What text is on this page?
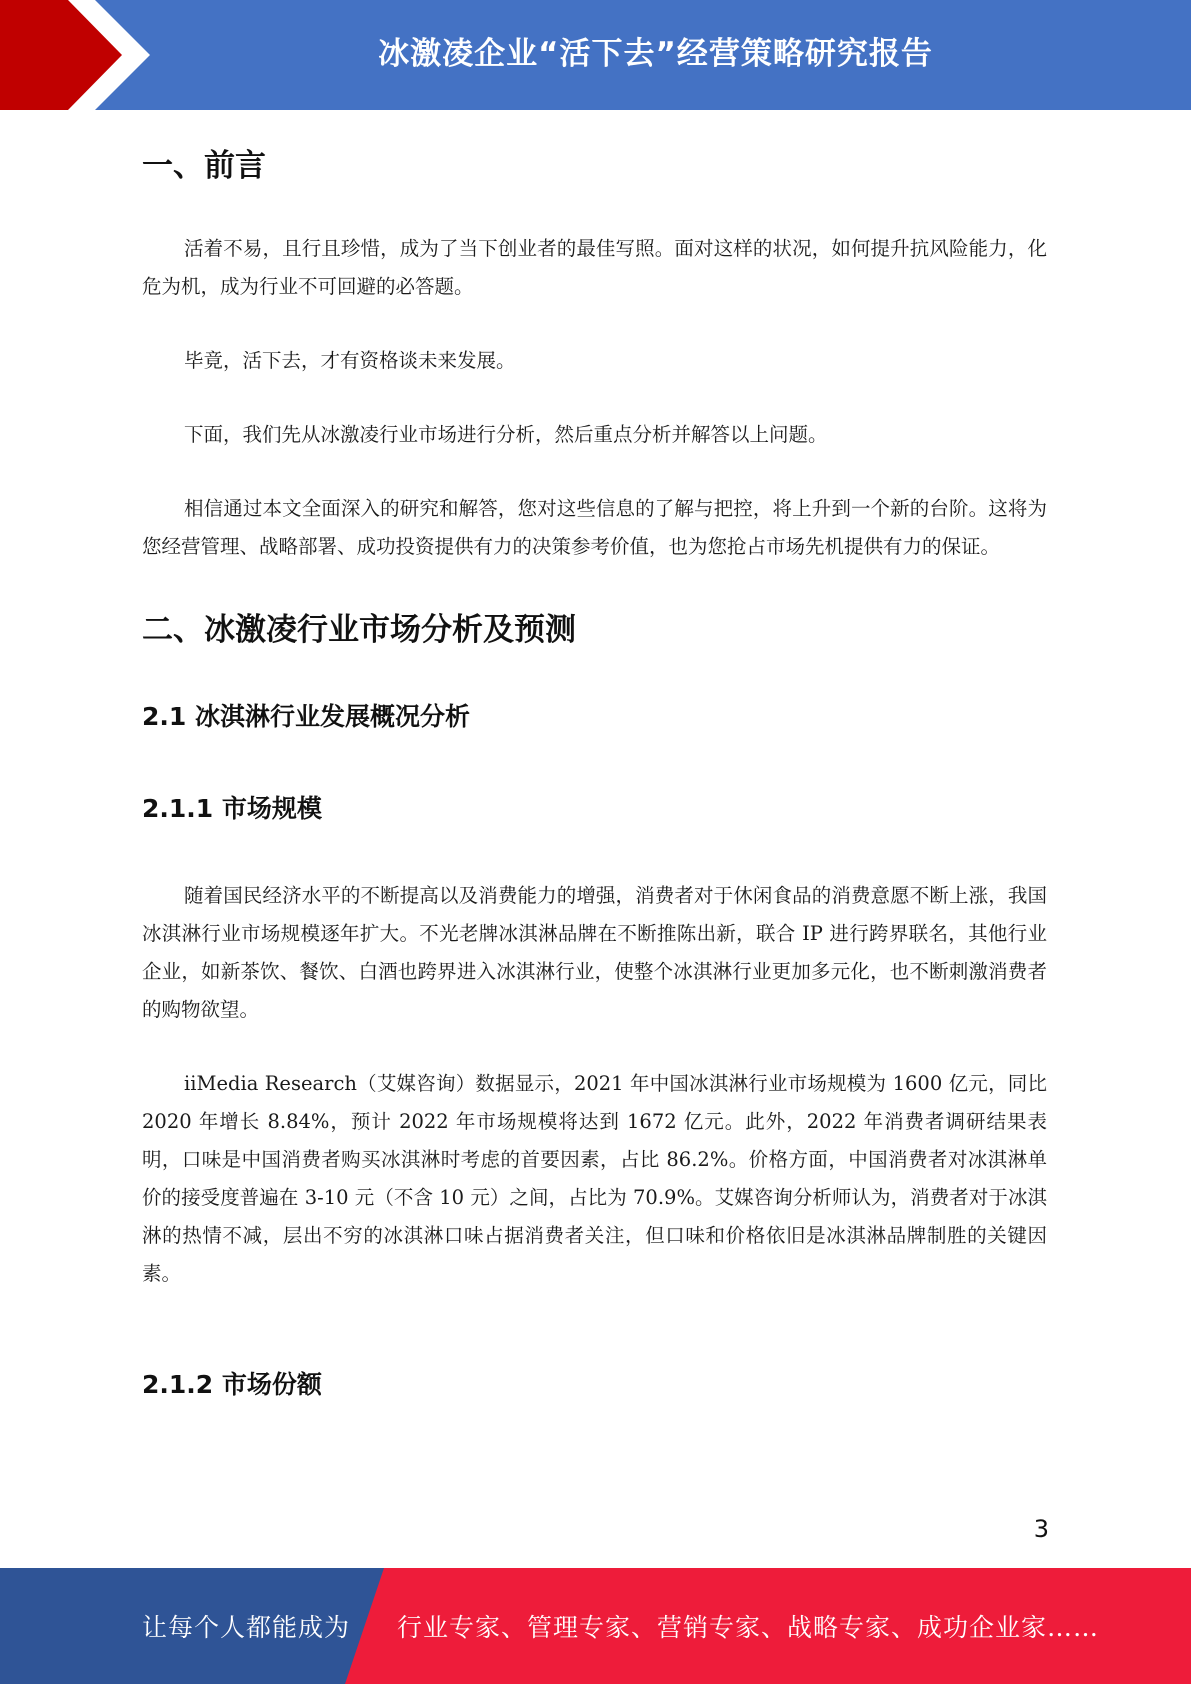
冰激凌企业“活下去”经营策略研究报告
一、前言

活着不易，且行且珍惜，成为了当下创业者的最佳写照。面对这样的状况，如何提升抗风险能力，化危为机，成为行业不可回避的必答题。

毕竟，活下去，才有资格谈未来发展。

下面，我们先从冰激凌行业市场进行分析，然后重点分析并解答以上问题。

相信通过本文全面深入的研究和解答，您对这些信息的了解与把控，将上升到一个新的台阶。这将为您经营管理、战略部署、成功投资提供有力的决策参考价值，也为您抢占市场先机提供有力的保证。

二、冰激凌行业市场分析及预测
2.1 冰淇淋行业发展概况分析
2.1.1 市场规模

随着国民经济水平的不断提高以及消费能力的增强，消费者对于休闲食品的消费意愿不断上涨，我国冰淇淋行业市场规模逐年扩大。不光老牌冰淇淋品牌在不断推陈出新，联合 IP 进行跨界联名，其他行业企业，如新茶饮、餐饮、白酒也跨界进入冰淇淋行业，使整个冰淇淋行业更加多元化，也不断刺激消费者的购物欲望。

iiMedia Research（艾媒咨询）数据显示，2021 年中国冰淇淋行业市场规模为 1600 亿元，同比 2020 年增长 8.84%，预计 2022 年市场规模将达到 1672 亿元。此外，2022 年消费者调研结果表明，口味是中国消费者购买冰淇淋时考虑的首要因素，占比 86.2%。价格方面，中国消费者对冰淇淋单价的接受度普遍在 3-10 元（不含 10 元）之间，占比为 70.9%。艾媒咨询分析师认为，消费者对于冰淇淋的热情不减，层出不穷的冰淇淋口味占据消费者关注，但口味和价格依旧是冰淇淋品牌制胜的关键因素。

2.1.2 市场份额
3
让每个人都能成为 行业专家、管理专家、营销专家、战略专家、成功企业家……
